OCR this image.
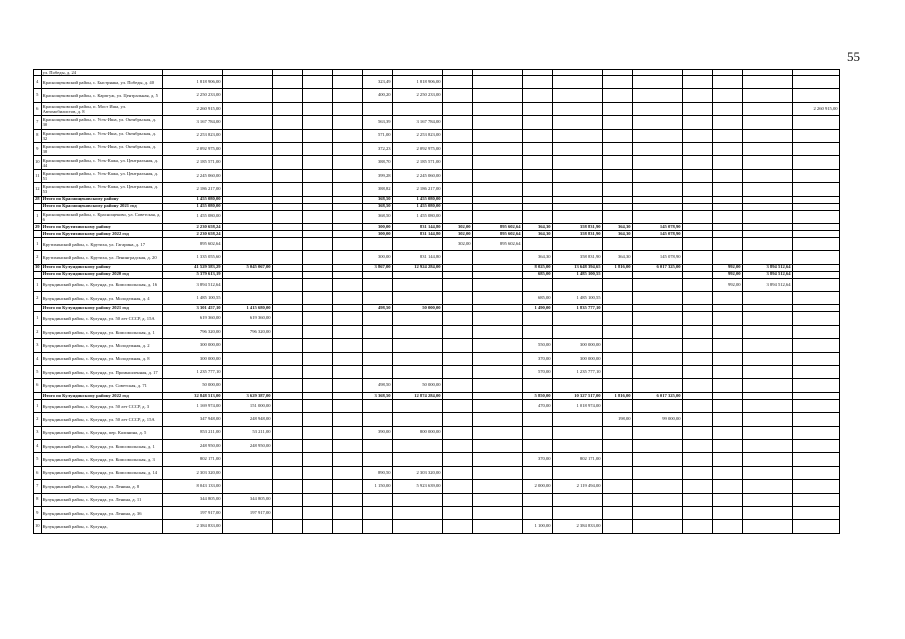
55
	ул. Победы, д. 24																	
4	Краснощековский район, с. Быстрянка, ул. Победы, д. 40	1 818 906,00					323,49	1 818 906,00										
5	Краснощековский район, с. Карпгуж, ул. Центральная, д. 5	2 250 233,00					400,20	2 250 233,00										
6	Краснощековский район, п. Мост Иша, ул. Автомобилистов, д. 8	2 260 915,00																2 260 915,00
7	Краснощековский район, с. Усть-Иша, ул. Октябрьская, д. 30	3 167 784,00					563,39	3 167 784,00										
8	Краснощековский район, с. Усть-Иша, ул. Октябрьская, д. 32	2 253 823,00					571,00	2 253 823,00										
9	Краснощековский район, с. Усть-Иша, ул. Октябрьская, д. 38	2 092 975,00					372,23	2 092 975,00										
10	Краснощековский район, с. Усть-Кажа, ул. Центральная, д. 44	2 185 571,00					388,70	2 185 571,00										
11	Краснощековский район, с. Усть-Кажа, ул. Центральная, д. 51	2 245 060,00					399,28	2 245 060,00										
12	Краснощековский район, с. Усть-Кажа, ул. Центральная, д. 53	2 186 217,00					388,82	2 186 217,00										
28	Итого по Краснощековскому району	1 455 080,00					368,50	1 455 080,00										
	Итого по Краснощековскому району 2021 год	1 455 080,00					368,50	1 455 080,00										
1	Краснощековский район, с. Краснощеково, ул. Советская, д. 6	1 455 080,00					368,50	1 455 080,00										
29	Итого по Крутихинскому району	2 230 658,24					300,00	831 144,80	302,00	895 602,64	364,30	358 831,90	364,30	145 078,90				
	Итого по Крутихинскому району 2022 год	2 230 658,24					300,00	831 144,80	302,00	895 602,64	364,30	358 831,90	364,30	145 078,90				
1	Крутихинский район, с. Крутиха, ул. Гагарина, д. 17	895 602,64							302,00	895 602,64								
2	Крутихинский район, с. Крутиха, ул. Ленинградская, д. 20	1 335 055,60					300,00	831 144,80			364,30	358 831,90	364,30	145 078,90				
30	Итого по Кулундинскому району	41 529 583,29	5 045 067,00				3 867,00	12 924 284,00			8 025,00	13 648 394,65	1 816,00	6 017 325,00		992,00	3 894 512,64	
	Итого по Кулундинскому району 2020 год	5 379 613,19									685,00	1 485 100,55				992,00	3 894 512,64	
1	Кулундинский район, с. Кулунда, ул. Комсомольская, д. 16	3 894 512,64														992,00	3 894 512,64	
2	Кулундинский район, с. Кулунда, ул. Молодежная, д. 4	1 485 100,55									685,00	1 485 100,55						
	Итого по Кулундинскому району 2021 год	3 301 457,10	1 415 680,00				498,50	50 000,00			1 490,00	1 835 777,10						
1	Кулундинский район, с. Кулунда, ул. 50 лет СССР, д. 15А	619 360,00	619 360,00															
2	Кулундинский район, с. Кулунда, ул. Комсомольская, д. 1	796 320,00	796 320,00															
3	Кулундинский район, с. Кулунда, ул. Молодежная, д. 2	300 000,00									550,00	300 000,00						
4	Кулундинский район, с. Кулунда, ул. Молодежная, д. 8	300 000,00									370,00	300 000,00						
5	Кулундинский район, с. Кулунда, ул. Промышленная, д. 17	1 235 777,10									570,00	1 235 777,10						
6	Кулундинский район, с. Кулунда, ул. Советская, д. 71	50 000,00					498,50	50 000,00										
	Итого по Кулундинскому району 2022 год	32 848 513,00	3 629 387,00				3 368,50	12 874 284,00			5 850,00	10 327 517,00	1 816,00	6 017 325,00				
1	Кулундинский район, с. Кулунда, ул. 50 лет СССР, д. 3	1 169 974,00	151 000,00								470,00	1 018 974,00						
2	Кулундинский район, с. Кулунда, ул. 50 лет СССР, д. 15А	347 948,00	248 948,00										198,00	99 000,00				
3	Кулундинский район, с. Кулунда, пер. Калинина, д. 5	853 211,00	53 211,00				390,00	800 000,00										
4	Кулундинский район, с. Кулунда, ул. Комсомольская, д. 1	248 950,00	248 950,00															
5	Кулундинский район, с. Кулунда, ул. Комсомольская, д. 3	802 171,00									370,00	802 171,00						
6	Кулундинский район, с. Кулунда, ул. Комсомольская, д. 14	2 303 320,00					890,50	2 303 320,00										
7	Кулундинский район, с. Кулунда, ул. Ленина, д. 8	8 043 133,00					1 150,00	5 923 639,00			2 000,00	2 119 494,00						
8	Кулундинский район, с. Кулунда, ул. Ленина, д. 11	344 805,00	344 805,00															
9	Кулундинский район, с. Кулунда, ул. Ленина, д. 36	197 917,00	197 917,00															
10	Кулундинский район, с. Кулунда,	2 384 833,00									1 100,00	2 384 833,00						
